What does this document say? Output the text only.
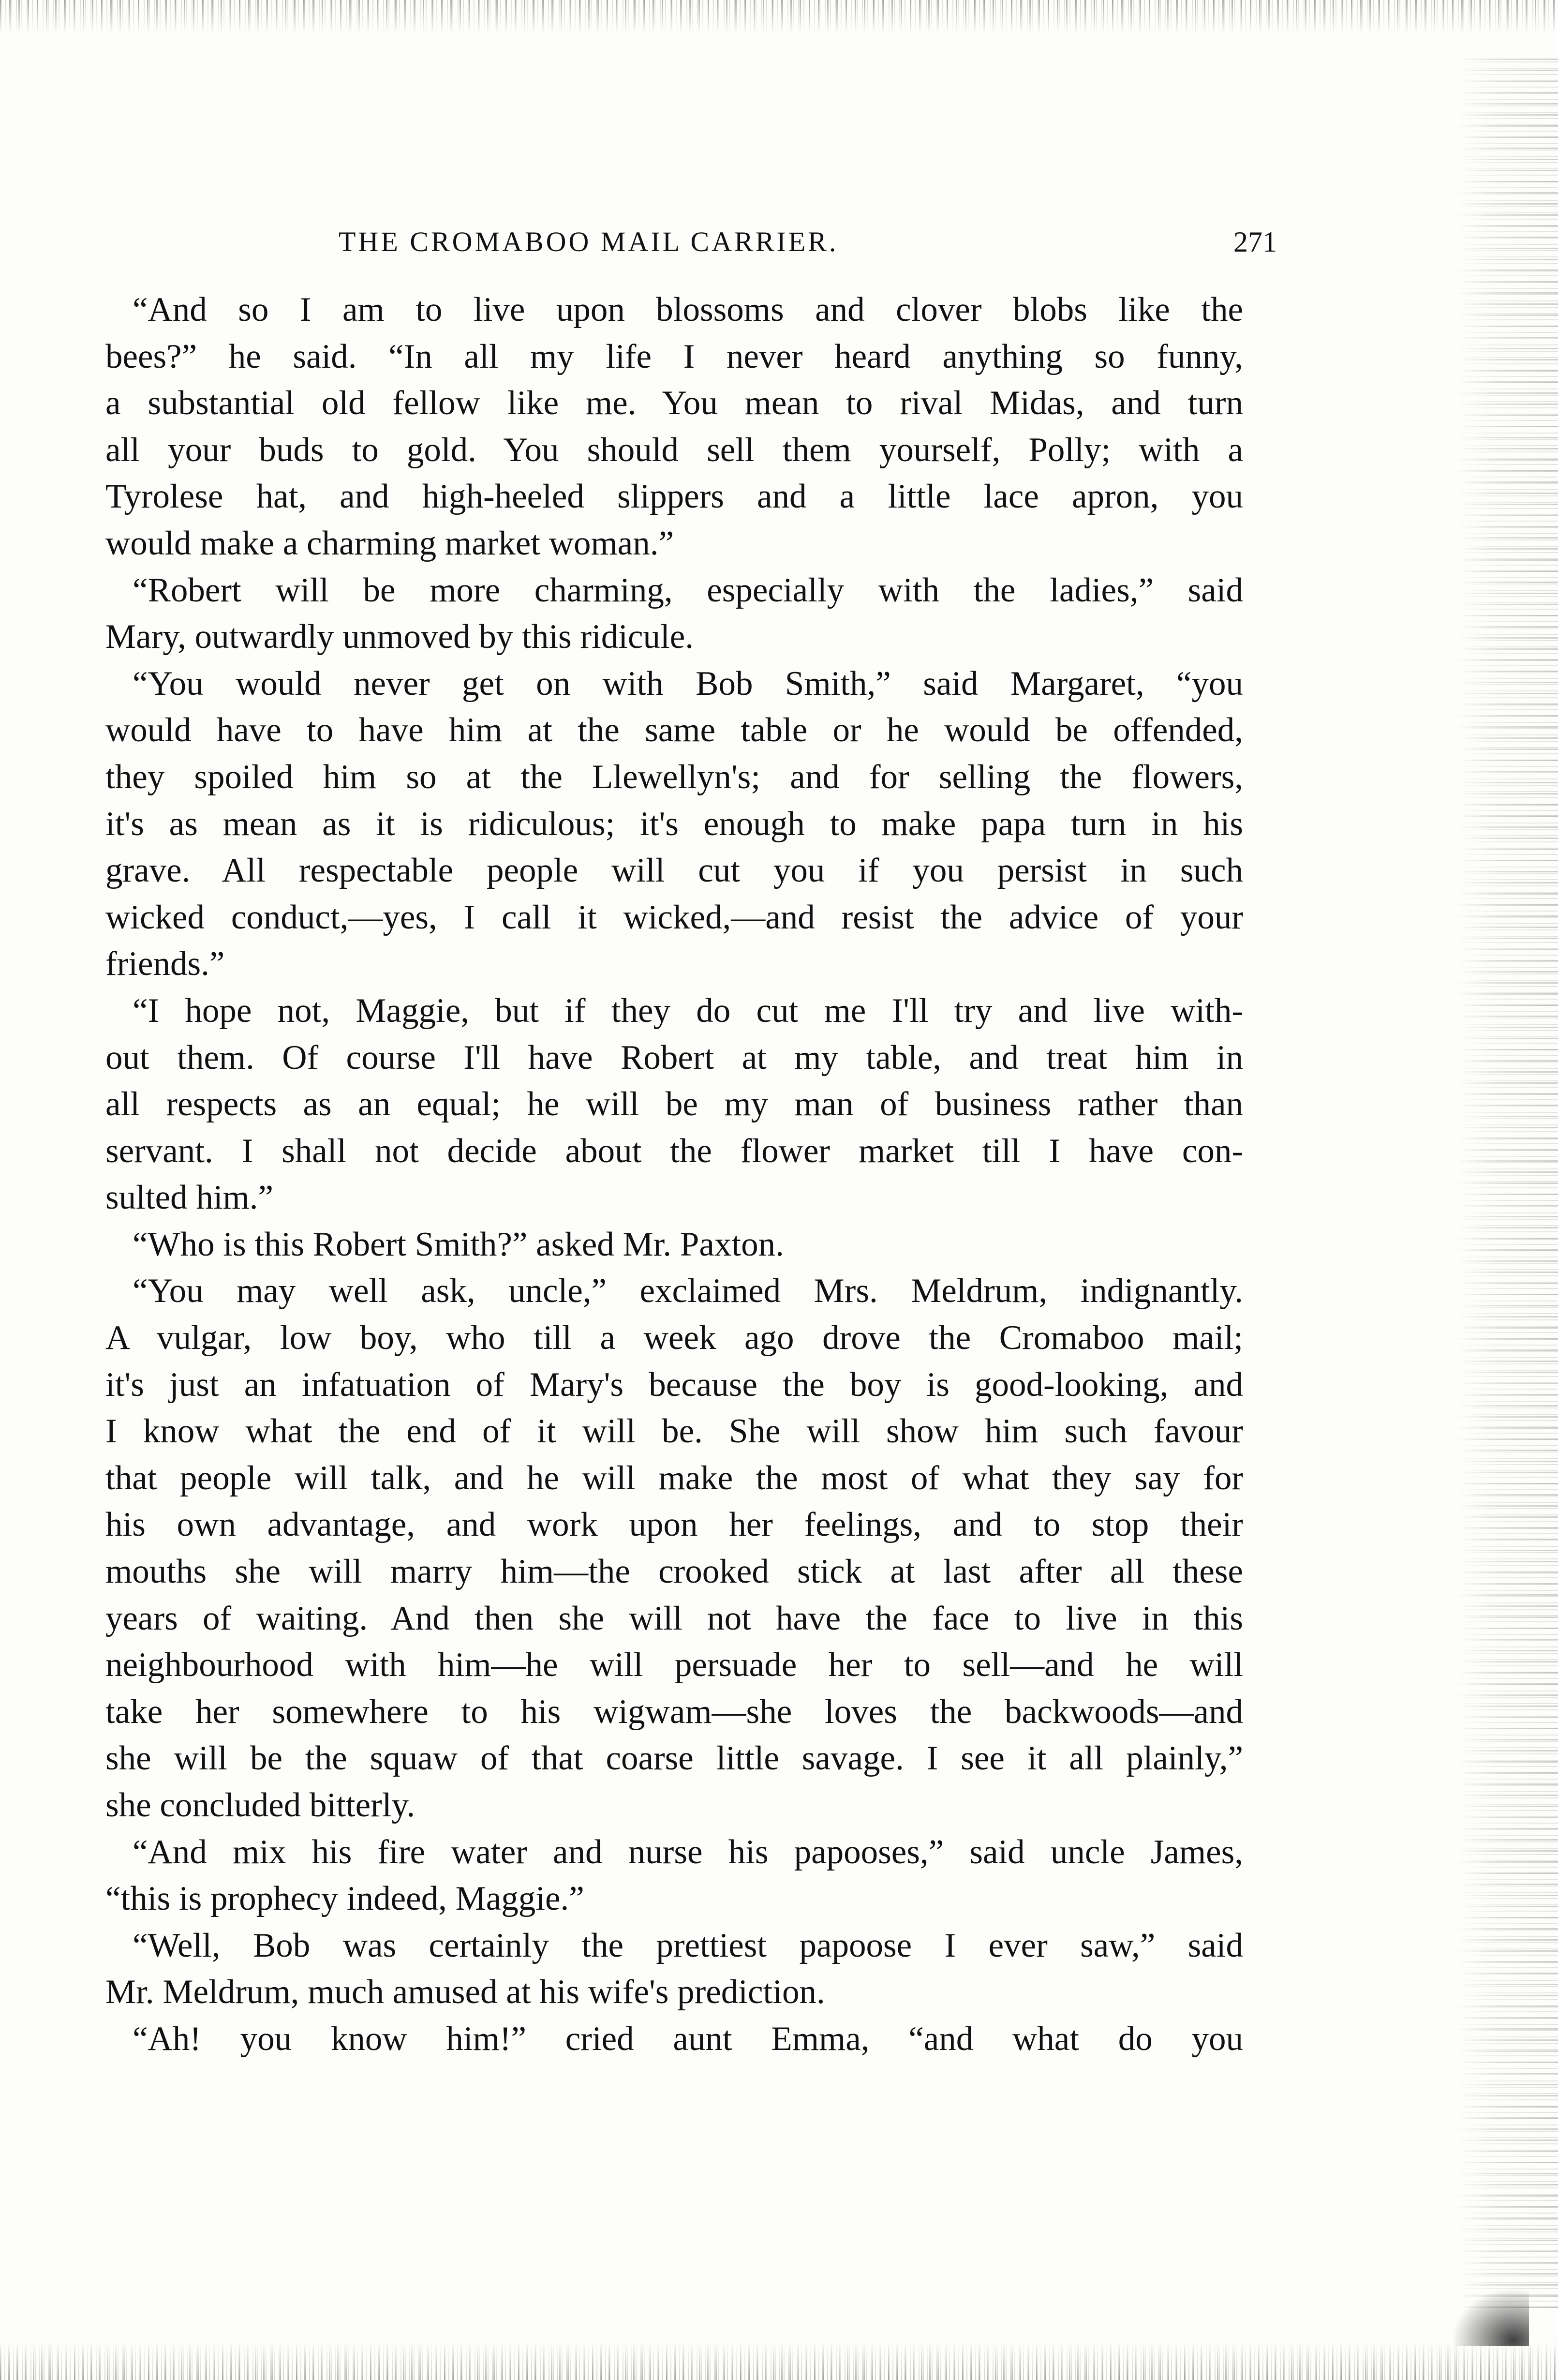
THE CROMABOO MAIL CARRIER.	271
“And so I am to live upon blossoms and clover blobs like the
bees?” he said. “In all my life I never heard anything so funny,
a substantial old fellow like me. You mean to rival Midas, and turn
all your buds to gold. You should sell them yourself, Polly; with a
Tyrolese hat, and high-heeled slippers and a little lace apron, you
would make a charming market woman.”
“Robert will be more charming, especially with the ladies,” said
Mary, outwardly unmoved by this ridicule.
“You would never get on with Bob Smith,” said Margaret, “you
would have to have him at the same table or he would be offended,
they spoiled him so at the Llewellyn's; and for selling the flowers,
it's as mean as it is ridiculous; it's enough to make papa turn in his
grave. All respectable people will cut you if you persist in such
wicked conduct,—yes, I call it wicked,—and resist the advice of your
friends.”
“I hope not, Maggie, but if they do cut me I'll try and live with-
out them. Of course I'll have Robert at my table, and treat him in
all respects as an equal; he will be my man of business rather than
servant. I shall not decide about the flower market till I have con-
sulted him.”
“Who is this Robert Smith?” asked Mr. Paxton.
“You may well ask, uncle,” exclaimed Mrs. Meldrum, indignantly.
A vulgar, low boy, who till a week ago drove the Cromaboo mail;
it's just an infatuation of Mary's because the boy is good-looking, and
I know what the end of it will be. She will show him such favour
that people will talk, and he will make the most of what they say for
his own advantage, and work upon her feelings, and to stop their
mouths she will marry him—the crooked stick at last after all these
years of waiting. And then she will not have the face to live in this
neighbourhood with him—he will persuade her to sell—and he will
take her somewhere to his wigwam—she loves the backwoods—and
she will be the squaw of that coarse little savage. I see it all plainly,”
she concluded bitterly.
“And mix his fire water and nurse his papooses,” said uncle James,
“this is prophecy indeed, Maggie.”
“Well, Bob was certainly the prettiest papoose I ever saw,” said
Mr. Meldrum, much amused at his wife's prediction.
“Ah! you know him!” cried aunt Emma, “and what do you
